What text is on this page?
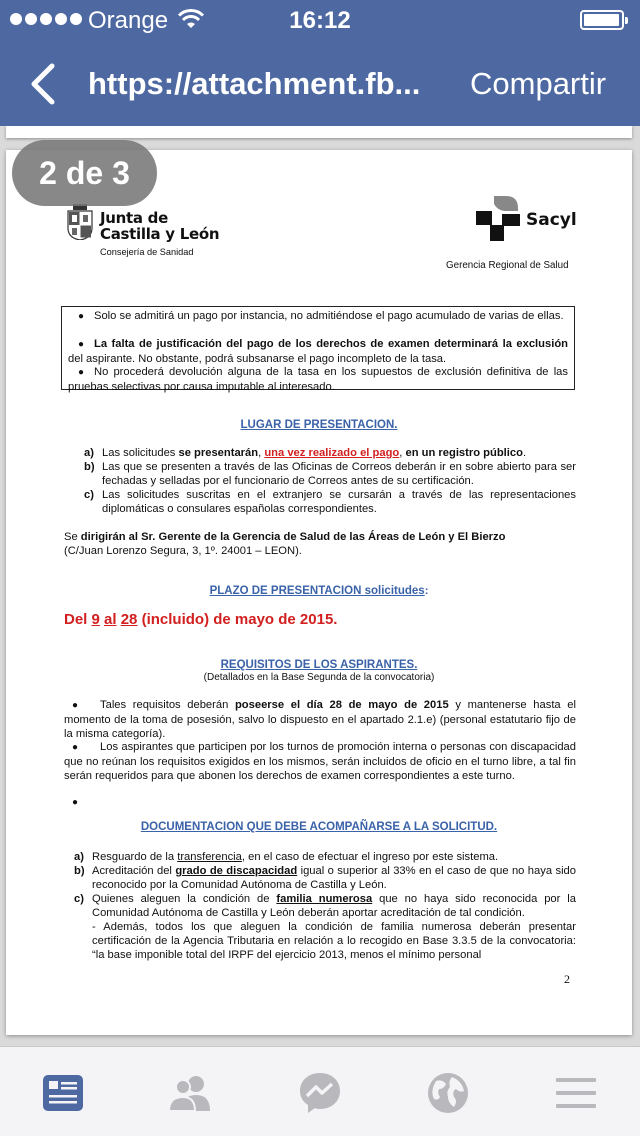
Orange	16:12
https://attachment.fb... Compartir
Junta de
Castilla y León
Consejería de Sanidad
Sacyl
Gerencia Regional de Salud
● Solo se admitirá un pago por instancia, no admitiéndose el pago acumulado de varias de ellas.
● La falta de justificación del pago de los derechos de examen determinará la exclusión del aspirante. No obstante, podrá subsanarse el pago incompleto de la tasa.
● No procederá devolución alguna de la tasa en los supuestos de exclusión definitiva de las pruebas selectivas por causa imputable al interesado.
LUGAR DE PRESENTACION.
a) Las solicitudes se presentarán, una vez realizado el pago, en un registro público.
b) Las que se presenten a través de las Oficinas de Correos deberán ir en sobre abierto para ser fechadas y selladas por el funcionario de Correos antes de su certificación.
c) Las solicitudes suscritas en el extranjero se cursarán a través de las representaciones diplomáticas o consulares españolas correspondientes.
Se dirigirán al Sr. Gerente de la Gerencia de Salud de las Áreas de León y El Bierzo
(C/Juan Lorenzo Segura, 3, 1º. 24001 – LEON).
PLAZO DE PRESENTACION solicitudes:
Del 9 al 28 (incluido) de mayo de 2015.
REQUISITOS DE LOS ASPIRANTES.
(Detallados en la Base Segunda de la convocatoria)
● Tales requisitos deberán poseerse el día 28 de mayo de 2015 y mantenerse hasta el momento de la toma de posesión, salvo lo dispuesto en el apartado 2.1.e) (personal estatutario fijo de la misma categoría).
● Los aspirantes que participen por los turnos de promoción interna o personas con discapacidad que no reúnan los requisitos exigidos en los mismos, serán incluidos de oficio en el turno libre, a tal fin serán requeridos para que abonen los derechos de examen correspondientes a este turno.
●
DOCUMENTACION QUE DEBE ACOMPAÑARSE A LA SOLICITUD.
a) Resguardo de la transferencia, en el caso de efectuar el ingreso por este sistema.
b) Acreditación del grado de discapacidad igual o superior al 33% en el caso de que no haya sido reconocido por la Comunidad Autónoma de Castilla y León.
c) Quienes aleguen la condición de familia numerosa que no haya sido reconocida por la Comunidad Autónoma de Castilla y León deberán aportar acreditación de tal condición.
- Además, todos los que aleguen la condición de familia numerosa deberán presentar certificación de la Agencia Tributaria en relación a lo recogido en Base 3.3.5 de la convocatoria: “la base imponible total del IRPF del ejercicio 2013, menos el mínimo personal
2
2 de 3
